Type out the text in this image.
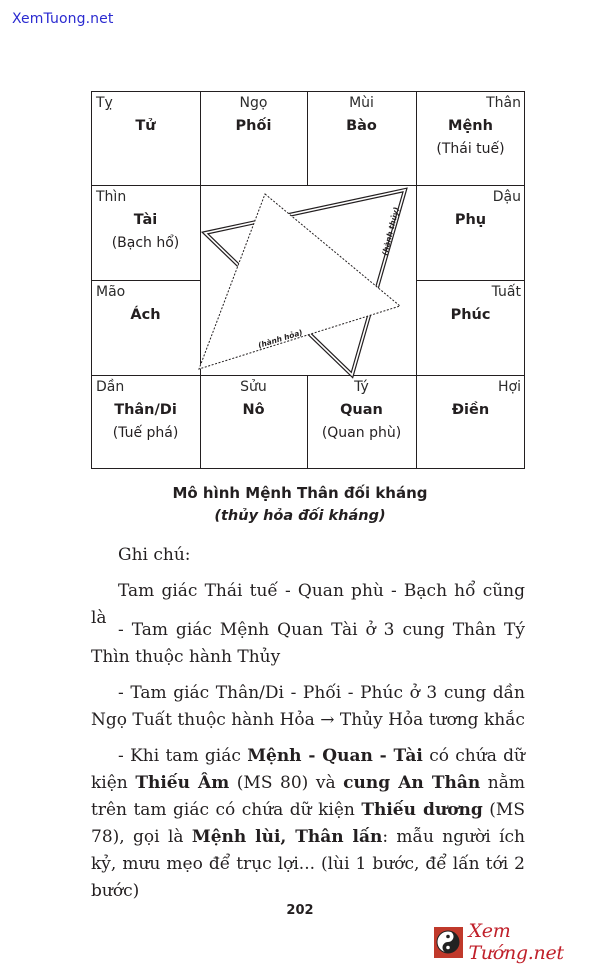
XemTuong.net
Tỵ
Tử
Ngọ
Phối
Mùi
Bào
Thân
Mệnh
(Thái tuế)
Thìn
Tài
(Bạch hổ)
Dậu
Phụ
Mão
Ách
Tuất
Phúc
Dần
Thân/Di
(Tuế phá)
Sửu
Nô
Tý
Quan
(Quan phù)
Hợi
Điền
(hành thủy)
(hành hỏa)
Mô hình Mệnh Thân đối kháng
(thủy hỏa đối kháng)
Ghi chú:
Tam giác Thái tuế - Quan phù - Bạch hổ cũng là
- Tam giác Mệnh Quan Tài ở 3 cung Thân Tý Thìn thuộc hành Thủy
- Tam giác Thân/Di - Phối - Phúc ở 3 cung dần Ngọ Tuất thuộc hành Hỏa → Thủy Hỏa tương khắc
- Khi tam giác Mệnh - Quan - Tài có chứa dữ kiện Thiếu Âm (MS 80) và cung An Thân nằm trên tam giác có chứa dữ kiện Thiếu dương (MS 78), gọi là Mệnh lùi, Thân lấn: mẫu người ích kỷ, mưu mẹo để trục lợi... (lùi 1 bước, để lấn tới 2 bước)
202
Xem Tướng.net
